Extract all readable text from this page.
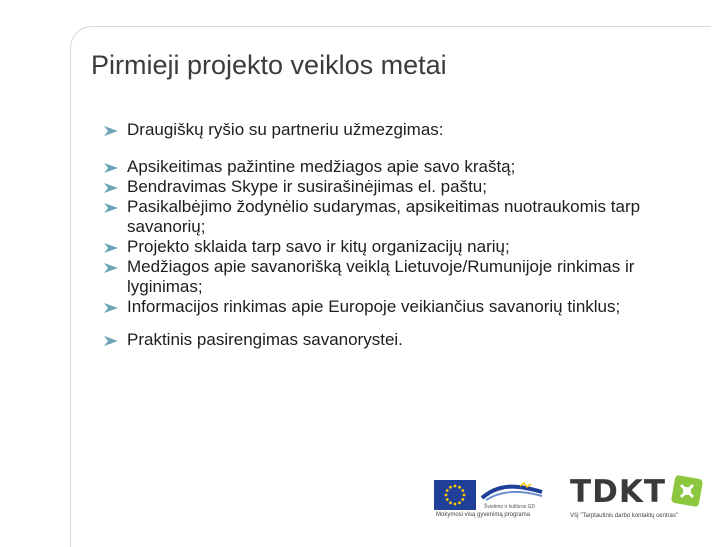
Pirmieji projekto veiklos metai
Draugiškų ryšio su partneriu užmezgimas:
Apsikeitimas pažintine medžiagos apie savo kraštą;
Bendravimas Skype ir susirašinėjimas el. paštu;
Pasikalbėjimo žodynėlio sudarymas, apsikeitimas nuotraukomis tarp savanorių;
Projekto sklaida tarp savo ir kitų organizacijų narių;
Medžiagos apie savanorišką veiklą Lietuvoje/Rumunijoje rinkimas ir lyginimas;
Informacijos rinkimas apie Europoje veikiančius savanorių tinklus;
Praktinis pasirengimas savanorystei.
Švietimo ir kultūros GD
Mokymosi visą gyvenimą programa
TDKT
VšĮ "Tarptautinis darbo kontaktų centras"
